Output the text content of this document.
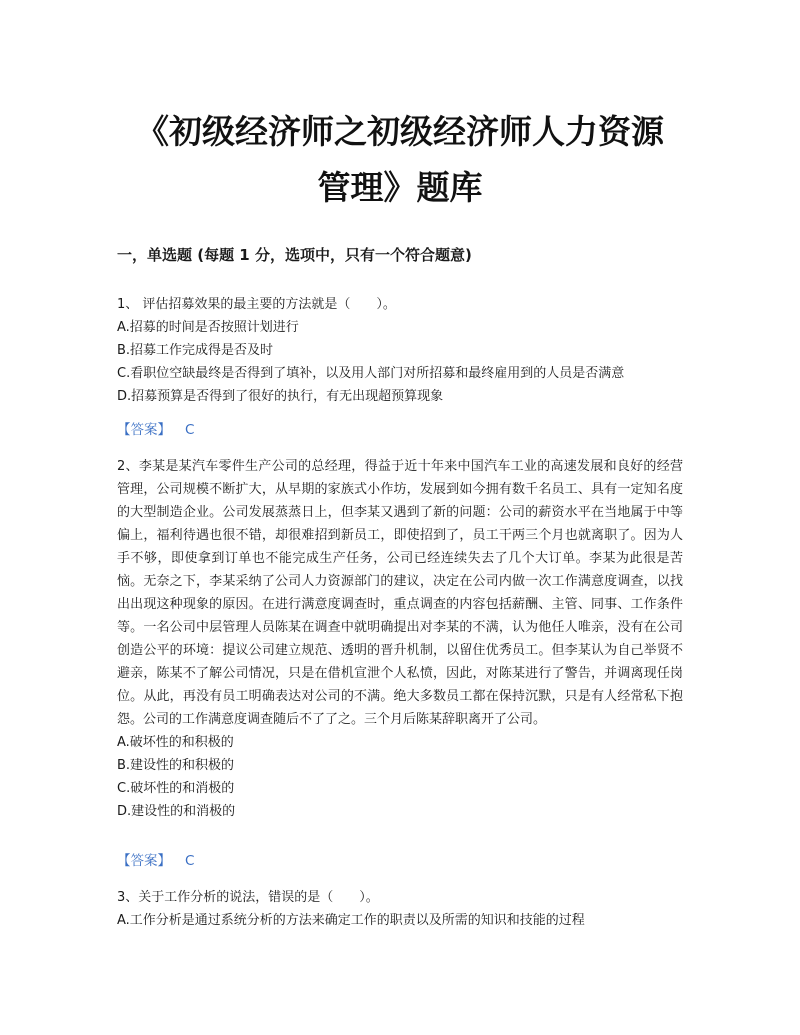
《初级经济师之初级经济师人力资源
管理》题库
一，单选题 (每题 1 分，选项中，只有一个符合题意)

1、 评估招募效果的最主要的方法就是（　　）。

A.招募的时间是否按照计划进行

B.招募工作完成得是否及时

C.看职位空缺最终是否得到了填补，以及用人部门对所招募和最终雇用到的人员是否满意

D.招募预算是否得到了很好的执行，有无出现超预算现象

【答案】 C

2、李某是某汽车零件生产公司的总经理，得益于近十年来中国汽车工业的高速发展和良好的经营管理，公司规模不断扩大，从早期的家族式小作坊，发展到如今拥有数千名员工、具有一定知名度的大型制造企业。公司发展蒸蒸日上，但李某又遇到了新的问题：公司的薪资水平在当地属于中等偏上，福利待遇也很不错，却很难招到新员工，即使招到了，员工干两三个月也就离职了。因为人手不够，即使拿到订单也不能完成生产任务，公司已经连续失去了几个大订单。李某为此很是苦恼。无奈之下，李某采纳了公司人力资源部门的建议，决定在公司内做一次工作满意度调查，以找出出现这种现象的原因。在进行满意度调查时，重点调查的内容包括薪酬、主管、同事、工作条件等。一名公司中层管理人员陈某在调查中就明确提出对李某的不满，认为他任人唯亲，没有在公司创造公平的环境：提议公司建立规范、透明的晋升机制，以留住优秀员工。但李某认为自己举贤不避亲，陈某不了解公司情况，只是在借机宣泄个人私愤，因此，对陈某进行了警告，并调离现任岗位。从此，再没有员工明确表达对公司的不满。绝大多数员工都在保持沉默，只是有人经常私下抱怨。公司的工作满意度调查随后不了了之。三个月后陈某辞职离开了公司。

A.破坏性的和积极的

B.建设性的和积极的

C.破坏性的和消极的

D.建设性的和消极的

【答案】 C

3、关于工作分析的说法，错误的是（　　）。

A.工作分析是通过系统分析的方法来确定工作的职责以及所需的知识和技能的过程
